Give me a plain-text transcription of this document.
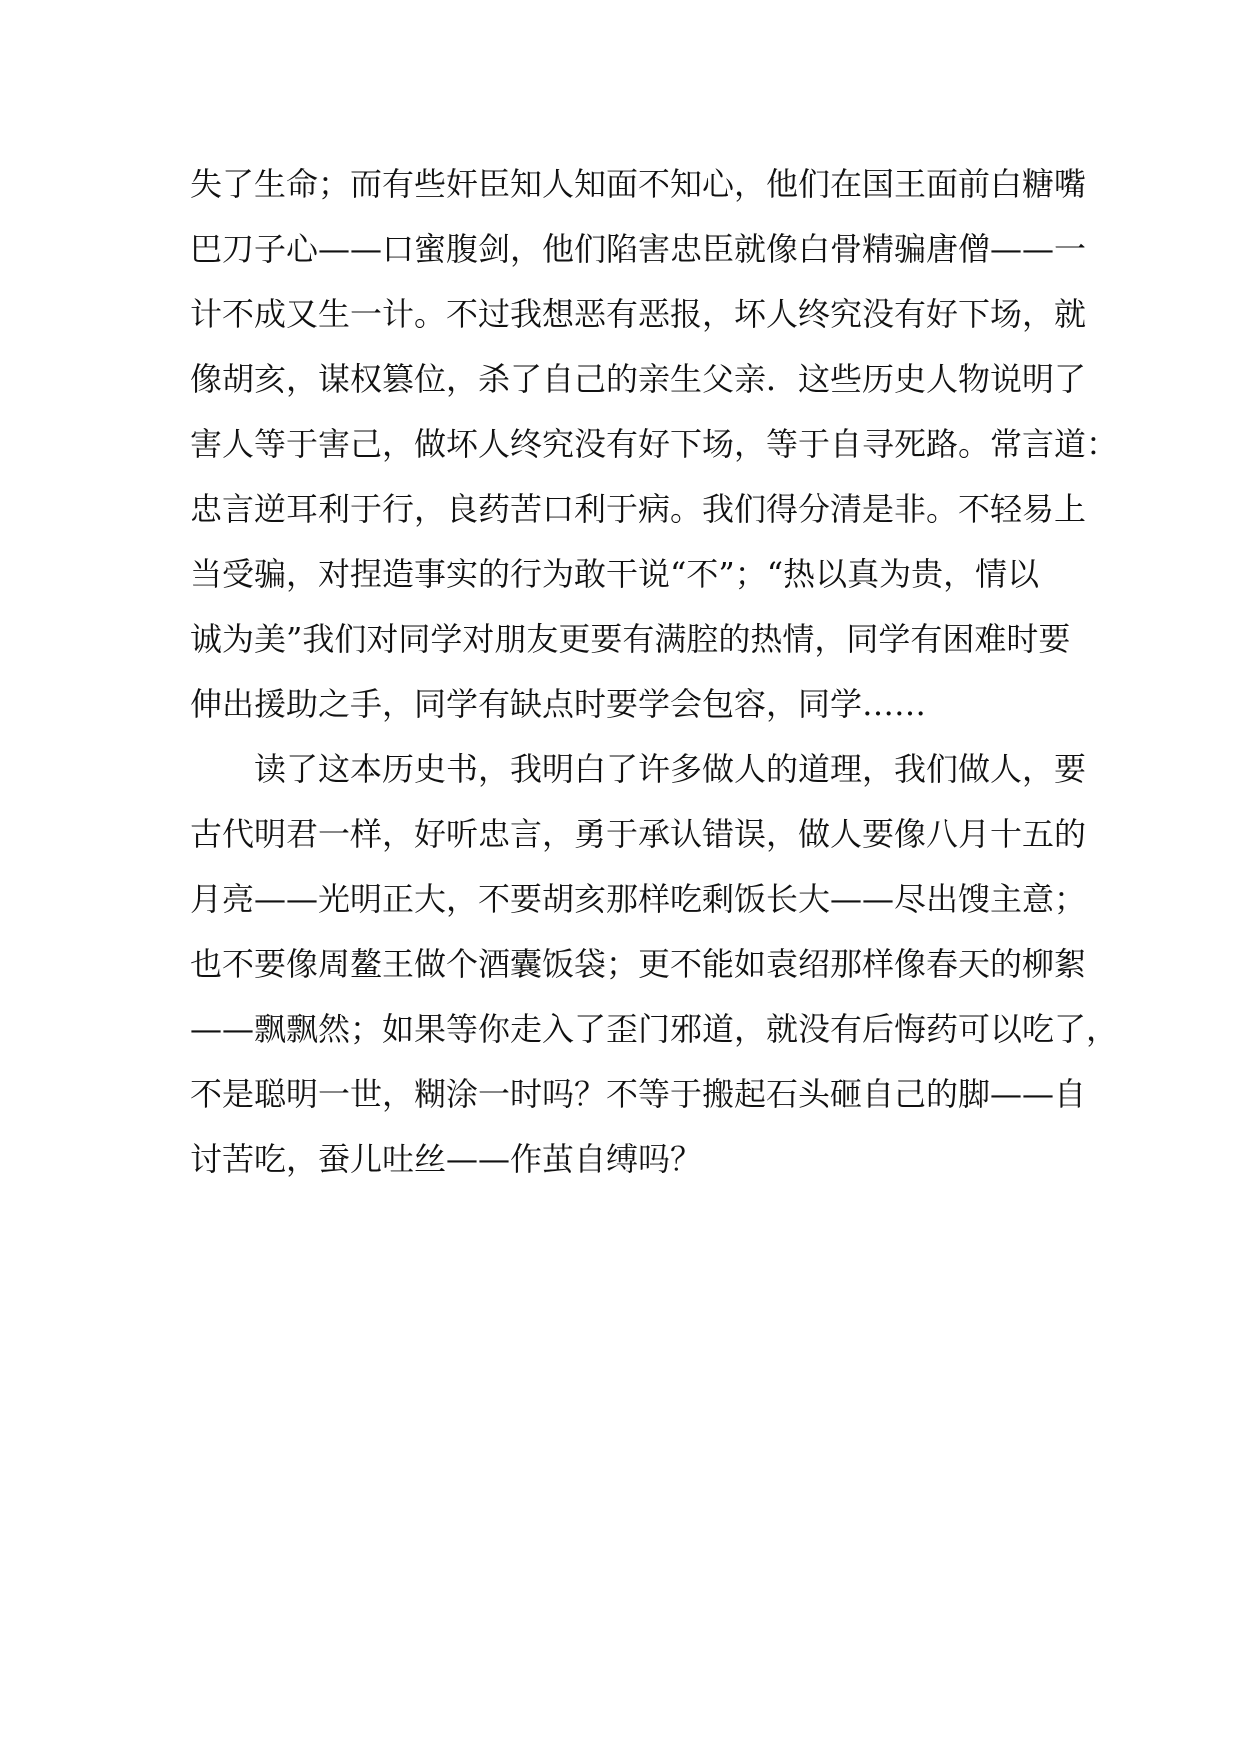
失了生命；而有些奸臣知人知面不知心，他们在国王面前白糖嘴
巴刀子心——口蜜腹剑，他们陷害忠臣就像白骨精骗唐僧——一
计不成又生一计。不过我想恶有恶报，坏人终究没有好下场，就
像胡亥，谋权篡位，杀了自己的亲生父亲．这些历史人物说明了
害人等于害己，做坏人终究没有好下场，等于自寻死路。常言道：
忠言逆耳利于行，良药苦口利于病。我们得分清是非。不轻易上
当受骗，对捏造事实的行为敢干说“不”；“热以真为贵，情以
诚为美”我们对同学对朋友更要有满腔的热情，同学有困难时要
伸出援助之手，同学有缺点时要学会包容，同学……
读了这本历史书，我明白了许多做人的道理，我们做人，要
古代明君一样，好听忠言，勇于承认错误，做人要像八月十五的
月亮——光明正大，不要胡亥那样吃剩饭长大——尽出馊主意；
也不要像周鳌王做个酒囊饭袋；更不能如袁绍那样像春天的柳絮
——飘飘然；如果等你走入了歪门邪道，就没有后悔药可以吃了，
不是聪明一世，糊涂一时吗？不等于搬起石头砸自己的脚——自
讨苦吃，蚕儿吐丝——作茧自缚吗？
